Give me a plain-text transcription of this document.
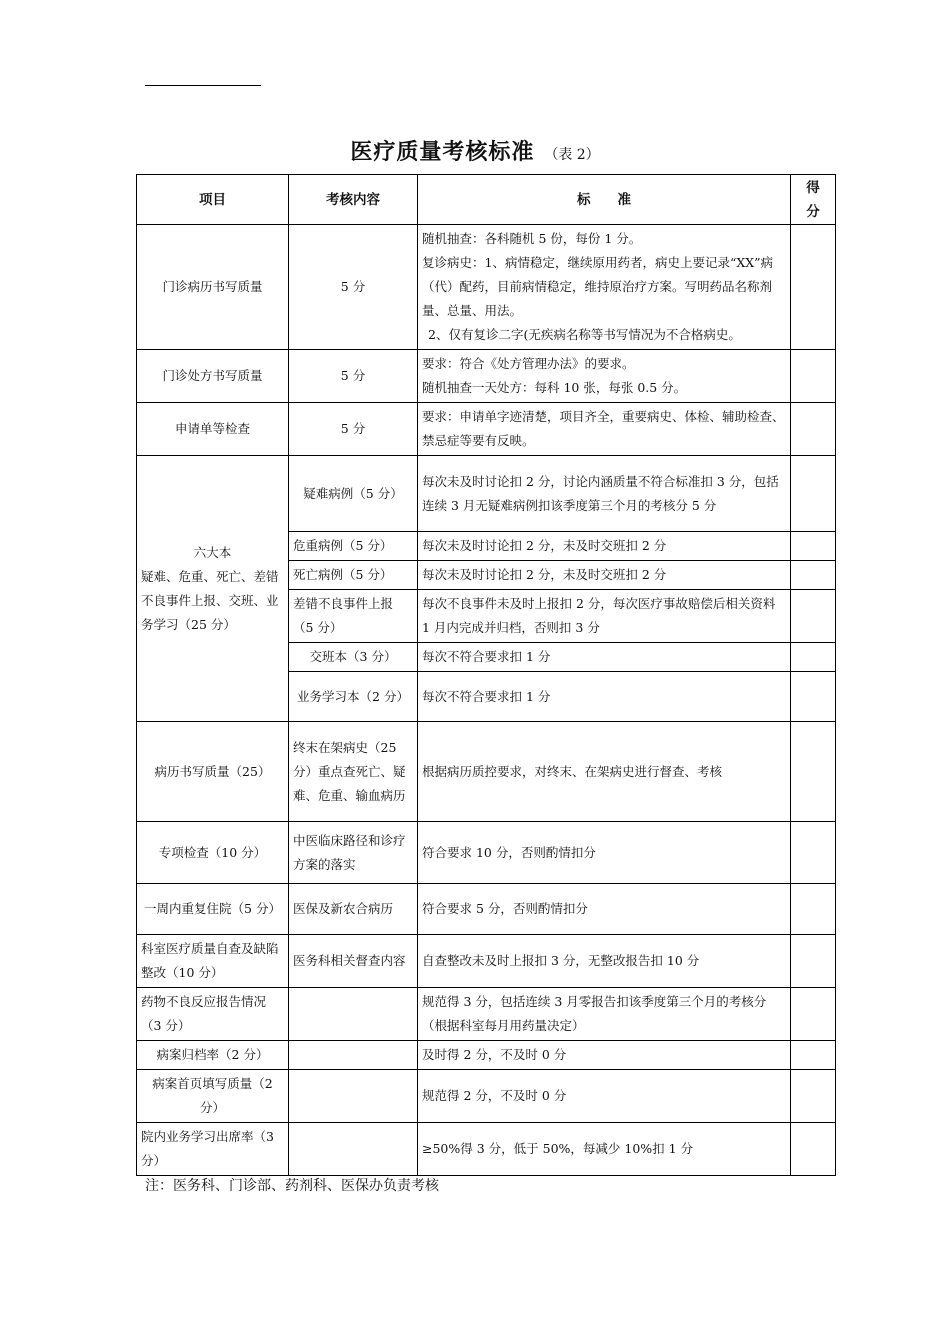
医疗质量考核标准 （表 2）
项目	考核内容	标　　准	得分
门诊病历书写质量	5 分	随机抽查：各科随机 5 份，每份 1 分。
复诊病史：1、病情稳定，继续原用药者，病史上要记录“XX”病（代）配药，目前病情稳定，维持原治疗方案。写明药品名称剂量、总量、用法。
2、仅有复诊二字(无疾病名称等书写情况为不合格病史。	

门诊处方书写质量	5 分	要求：符合《处方管理办法》的要求。
随机抽查一天处方：每科 10 张，每张 0.5 分。	

申请单等检查	5 分	要求：申请单字迹清楚，项目齐全，重要病史、体检、辅助检查、禁忌症等要有反映。	

六大本
疑难、危重、死亡、差错不良事件上报、交班、业务学习（25 分）	疑难病例（5 分）	每次未及时讨论扣 2 分，讨论内涵质量不符合标准扣 3 分，包括连续 3 月无疑难病例扣该季度第三个月的考核分 5 分	
	危重病例（5 分）	每次未及时讨论扣 2 分，未及时交班扣 2 分	
	死亡病例（5 分）	每次未及时讨论扣 2 分，未及时交班扣 2 分	
	差错不良事件上报（5 分）	每次不良事件未及时上报扣 2 分，每次医疗事故赔偿后相关资料 1 月内完成并归档，否则扣 3 分	
	交班本（3 分）	每次不符合要求扣 1 分	
	业务学习本（2 分）	每次不符合要求扣 1 分	
病历书写质量（25）	终末在架病史（25 分）重点查死亡、疑难、危重、输血病历	根据病历质控要求，对终末、在架病史进行督查、考核	
专项检查（10 分）	中医临床路径和诊疗方案的落实	符合要求 10 分，否则酌情扣分	
一周内重复住院（5 分）	医保及新农合病历	符合要求 5 分，否则酌情扣分	
科室医疗质量自查及缺陷整改（10 分）	医务科相关督查内容	自查整改未及时上报扣 3 分，无整改报告扣 10 分	
药物不良反应报告情况（3 分）		规范得 3 分，包括连续 3 月零报告扣该季度第三个月的考核分（根据科室每月用药量决定）	
病案归档率（2 分）		及时得 2 分，不及时 0 分	
病案首页填写质量（2 分）		规范得 2 分，不及时 0 分	
院内业务学习出席率（3 分）		≥50%得 3 分，低于 50%，每减少 10%扣 1 分	
注：医务科、门诊部、药剂科、医保办负责考核
